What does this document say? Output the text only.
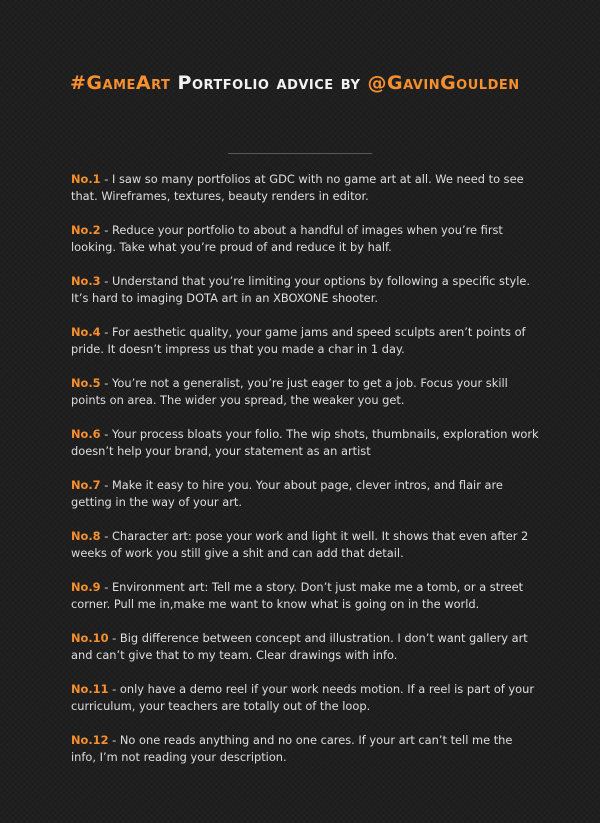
#GameArt Portfolio advice by @GavinGoulden
No.1 - I saw so many portfolios at GDC with no game art at all. We need to see that. Wireframes, textures, beauty renders in editor.
No.2 - Reduce your portfolio to about a handful of images when you’re first looking. Take what you’re proud of and reduce it by half.
No.3 - Understand that you’re limiting your options by following a specific style. It’s hard to imaging DOTA art in an XBOXONE shooter.
No.4 - For aesthetic quality, your game jams and speed sculpts aren’t points of pride. It doesn’t impress us that you made a char in 1 day.
No.5 - You’re not a generalist, you’re just eager to get a job. Focus your skill points on area. The wider you spread, the weaker you get.
No.6 - Your process bloats your folio. The wip shots, thumbnails, exploration work doesn’t help your brand, your statement as an artist
No.7 - Make it easy to hire you. Your about page, clever intros, and flair are getting in the way of your art.
No.8 - Character art: pose your work and light it well. It shows that even after 2 weeks of work you still give a shit and can add that detail.
No.9 - Environment art: Tell me a story. Don’t just make me a tomb, or a street corner. Pull me in,make me want to know what is going on in the world.
No.10 - Big difference between concept and illustration. I don’t want gallery art and can’t give that to my team. Clear drawings with info.
No.11 - only have a demo reel if your work needs motion. If a reel is part of your curriculum, your teachers are totally out of the loop.
No.12 - No one reads anything and no one cares. If your art can’t tell me the info, I’m not reading your description.
